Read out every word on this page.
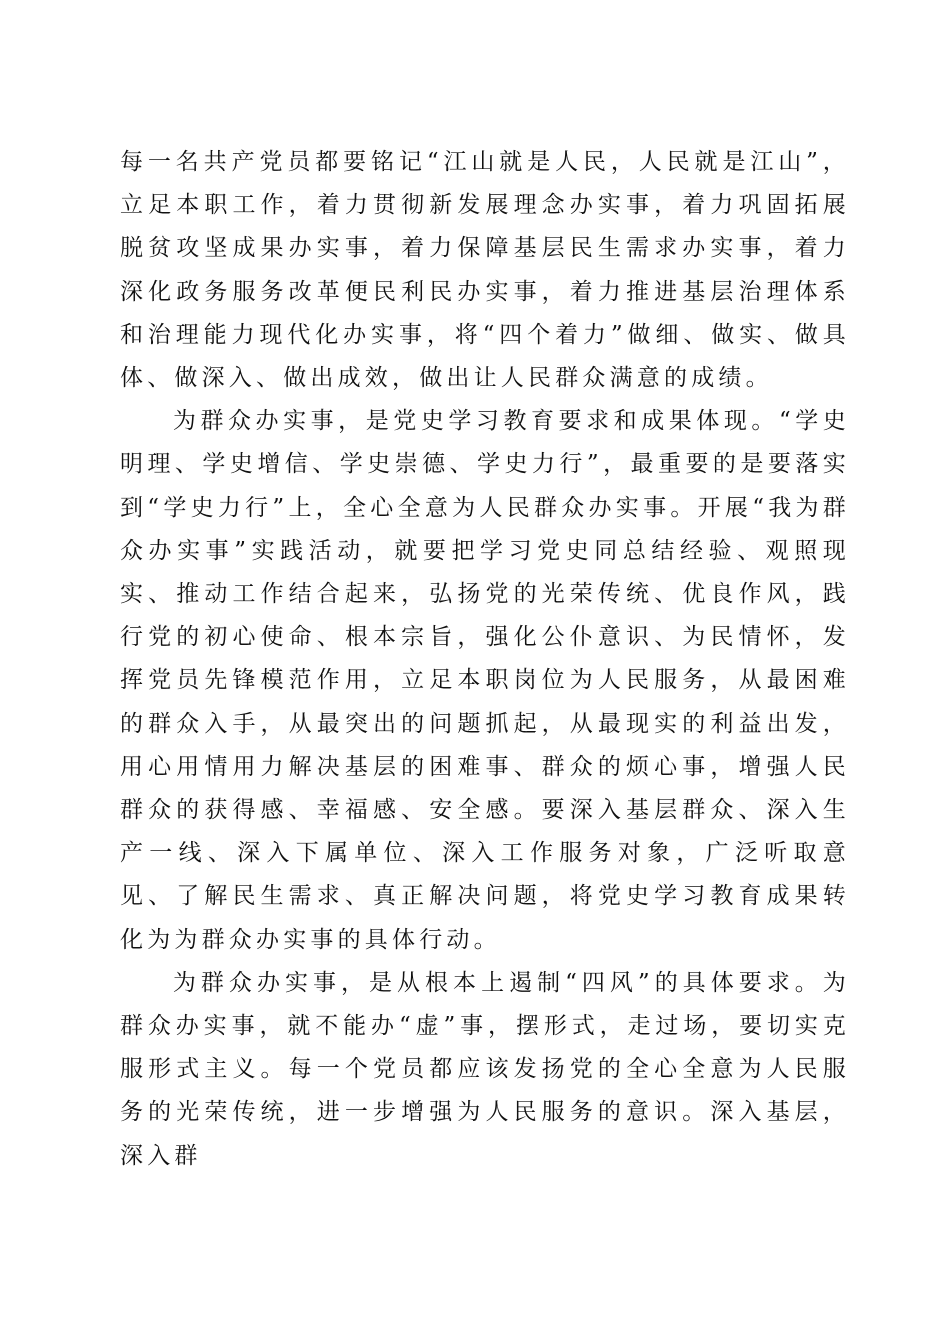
每一名共产党员都要铭记“江山就是人民，人民就是江山”，立足本职工作，着力贯彻新发展理念办实事，着力巩固拓展脱贫攻坚成果办实事，着力保障基层民生需求办实事，着力深化政务服务改革便民利民办实事，着力推进基层治理体系和治理能力现代化办实事，将“四个着力”做细、做实、做具体、做深入、做出成效，做出让人民群众满意的成绩。

为群众办实事，是党史学习教育要求和成果体现。“学史明理、学史增信、学史崇德、学史力行”，最重要的是要落实到“学史力行”上，全心全意为人民群众办实事。开展“我为群众办实事”实践活动，就要把学习党史同总结经验、观照现实、推动工作结合起来，弘扬党的光荣传统、优良作风，践行党的初心使命、根本宗旨，强化公仆意识、为民情怀，发挥党员先锋模范作用，立足本职岗位为人民服务，从最困难的群众入手，从最突出的问题抓起，从最现实的利益出发，用心用情用力解决基层的困难事、群众的烦心事，增强人民群众的获得感、幸福感、安全感。要深入基层群众、深入生产一线、深入下属单位、深入工作服务对象，广泛听取意见、了解民生需求、真正解决问题，将党史学习教育成果转化为为群众办实事的具体行动。

为群众办实事，是从根本上遏制“四风”的具体要求。为群众办实事，就不能办“虚”事，摆形式，走过场，要切实克服形式主义。每一个党员都应该发扬党的全心全意为人民服务的光荣传统，进一步增强为人民服务的意识。深入基层，深入群
